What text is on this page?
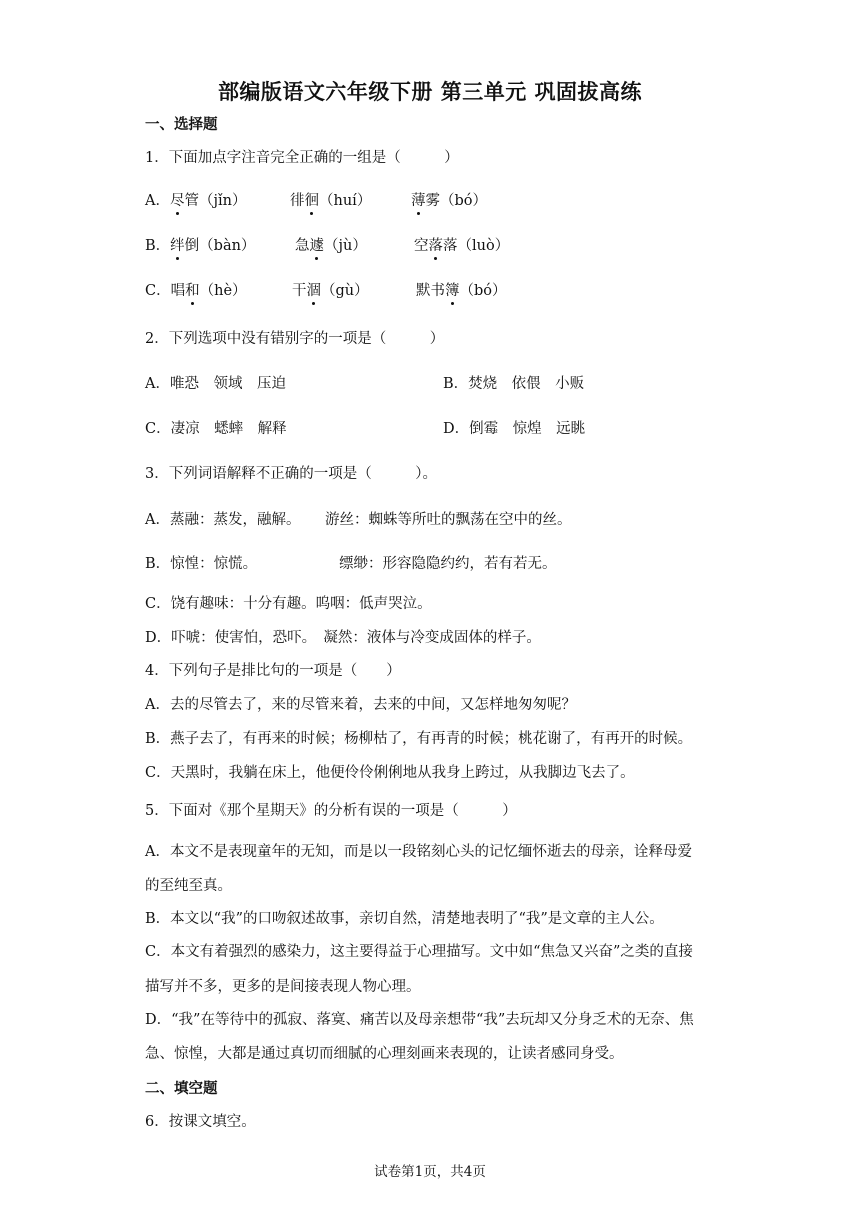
部编版语文六年级下册 第三单元 巩固拔高练
一、选择题
1．下面加点字注音完全正确的一组是（　　　）
A．尽管（jǐn）	徘徊（huí）	薄雾（bó）
B．绊倒（bàn）	急遽（jù）	空落落（luò）
C．唱和（hè）	干涸（gù）	默书簿（bó）
2．下列选项中没有错别字的一项是（　　　）
A．唯恐　领域　压迫	B．焚烧　依偎　小贩
C．凄凉　蟋蟀　解释	D．倒霉　惊煌　远眺
3．下列词语解释不正确的一项是（　　　）。
A．蒸融：蒸发，融解。 游丝：蜘蛛等所吐的飘荡在空中的丝。
B．惊惶：惊慌。	缥缈：形容隐隐约约，若有若无。
C．饶有趣味：十分有趣。呜咽：低声哭泣。
D．吓唬：使害怕，恐吓。　凝然：液体与冷变成固体的样子。
4．下列句子是排比句的一项是（　　）
A．去的尽管去了，来的尽管来着，去来的中间，又怎样地匆匆呢？
B．燕子去了，有再来的时候；杨柳枯了，有再青的时候；桃花谢了，有再开的时候。
C．天黑时，我躺在床上，他便伶伶俐俐地从我身上跨过，从我脚边飞去了。
5．下面对《那个星期天》的分析有误的一项是（　　　）
A．本文不是表现童年的无知，而是以一段铭刻心头的记忆缅怀逝去的母亲，诠释母爱
的至纯至真。
B．本文以“我”的口吻叙述故事，亲切自然，清楚地表明了“我”是文章的主人公。
C．本文有着强烈的感染力，这主要得益于心理描写。文中如“焦急又兴奋”之类的直接
描写并不多，更多的是间接表现人物心理。
D．“我”在等待中的孤寂、落寞、痛苦以及母亲想带“我”去玩却又分身乏术的无奈、焦
急、惊惶，大都是通过真切而细腻的心理刻画来表现的，让读者感同身受。
二、填空题
6．按课文填空。
试卷第1页，共4页
